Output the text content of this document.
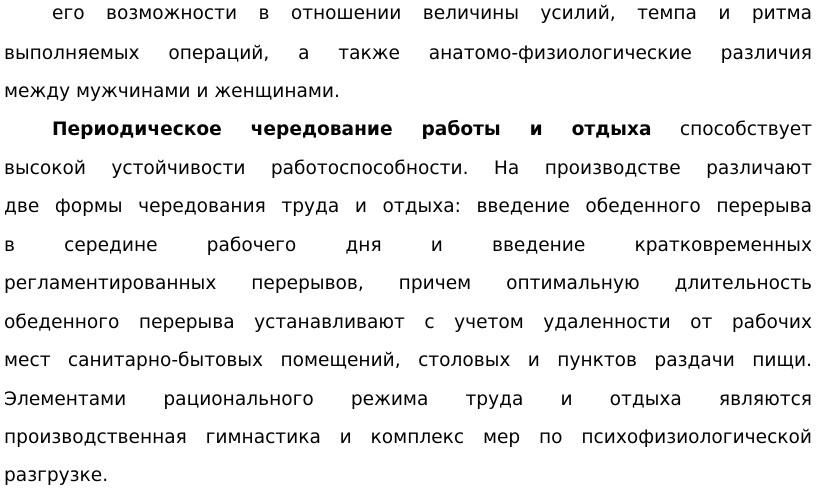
его возможности в отношении величины усилий, темпа и ритма
выполняемых операций, а также анатомо-физиологические различия
между мужчинами и женщинами.
Периодическое чередование работы и отдыха способствует
высокой устойчивости работоспособности. На производстве различают
две формы чередования труда и отдыха: введение обеденного перерыва
в середине рабочего дня и введение кратковременных
регламентированных перерывов, причем оптимальную длительность
обеденного перерыва устанавливают с учетом удаленности от рабочих
мест санитарно-бытовых помещений, столовых и пунктов раздачи пищи.
Элементами рационального режима труда и отдыха являются
производственная гимнастика и комплекс мер по психофизиологической
разгрузке.
